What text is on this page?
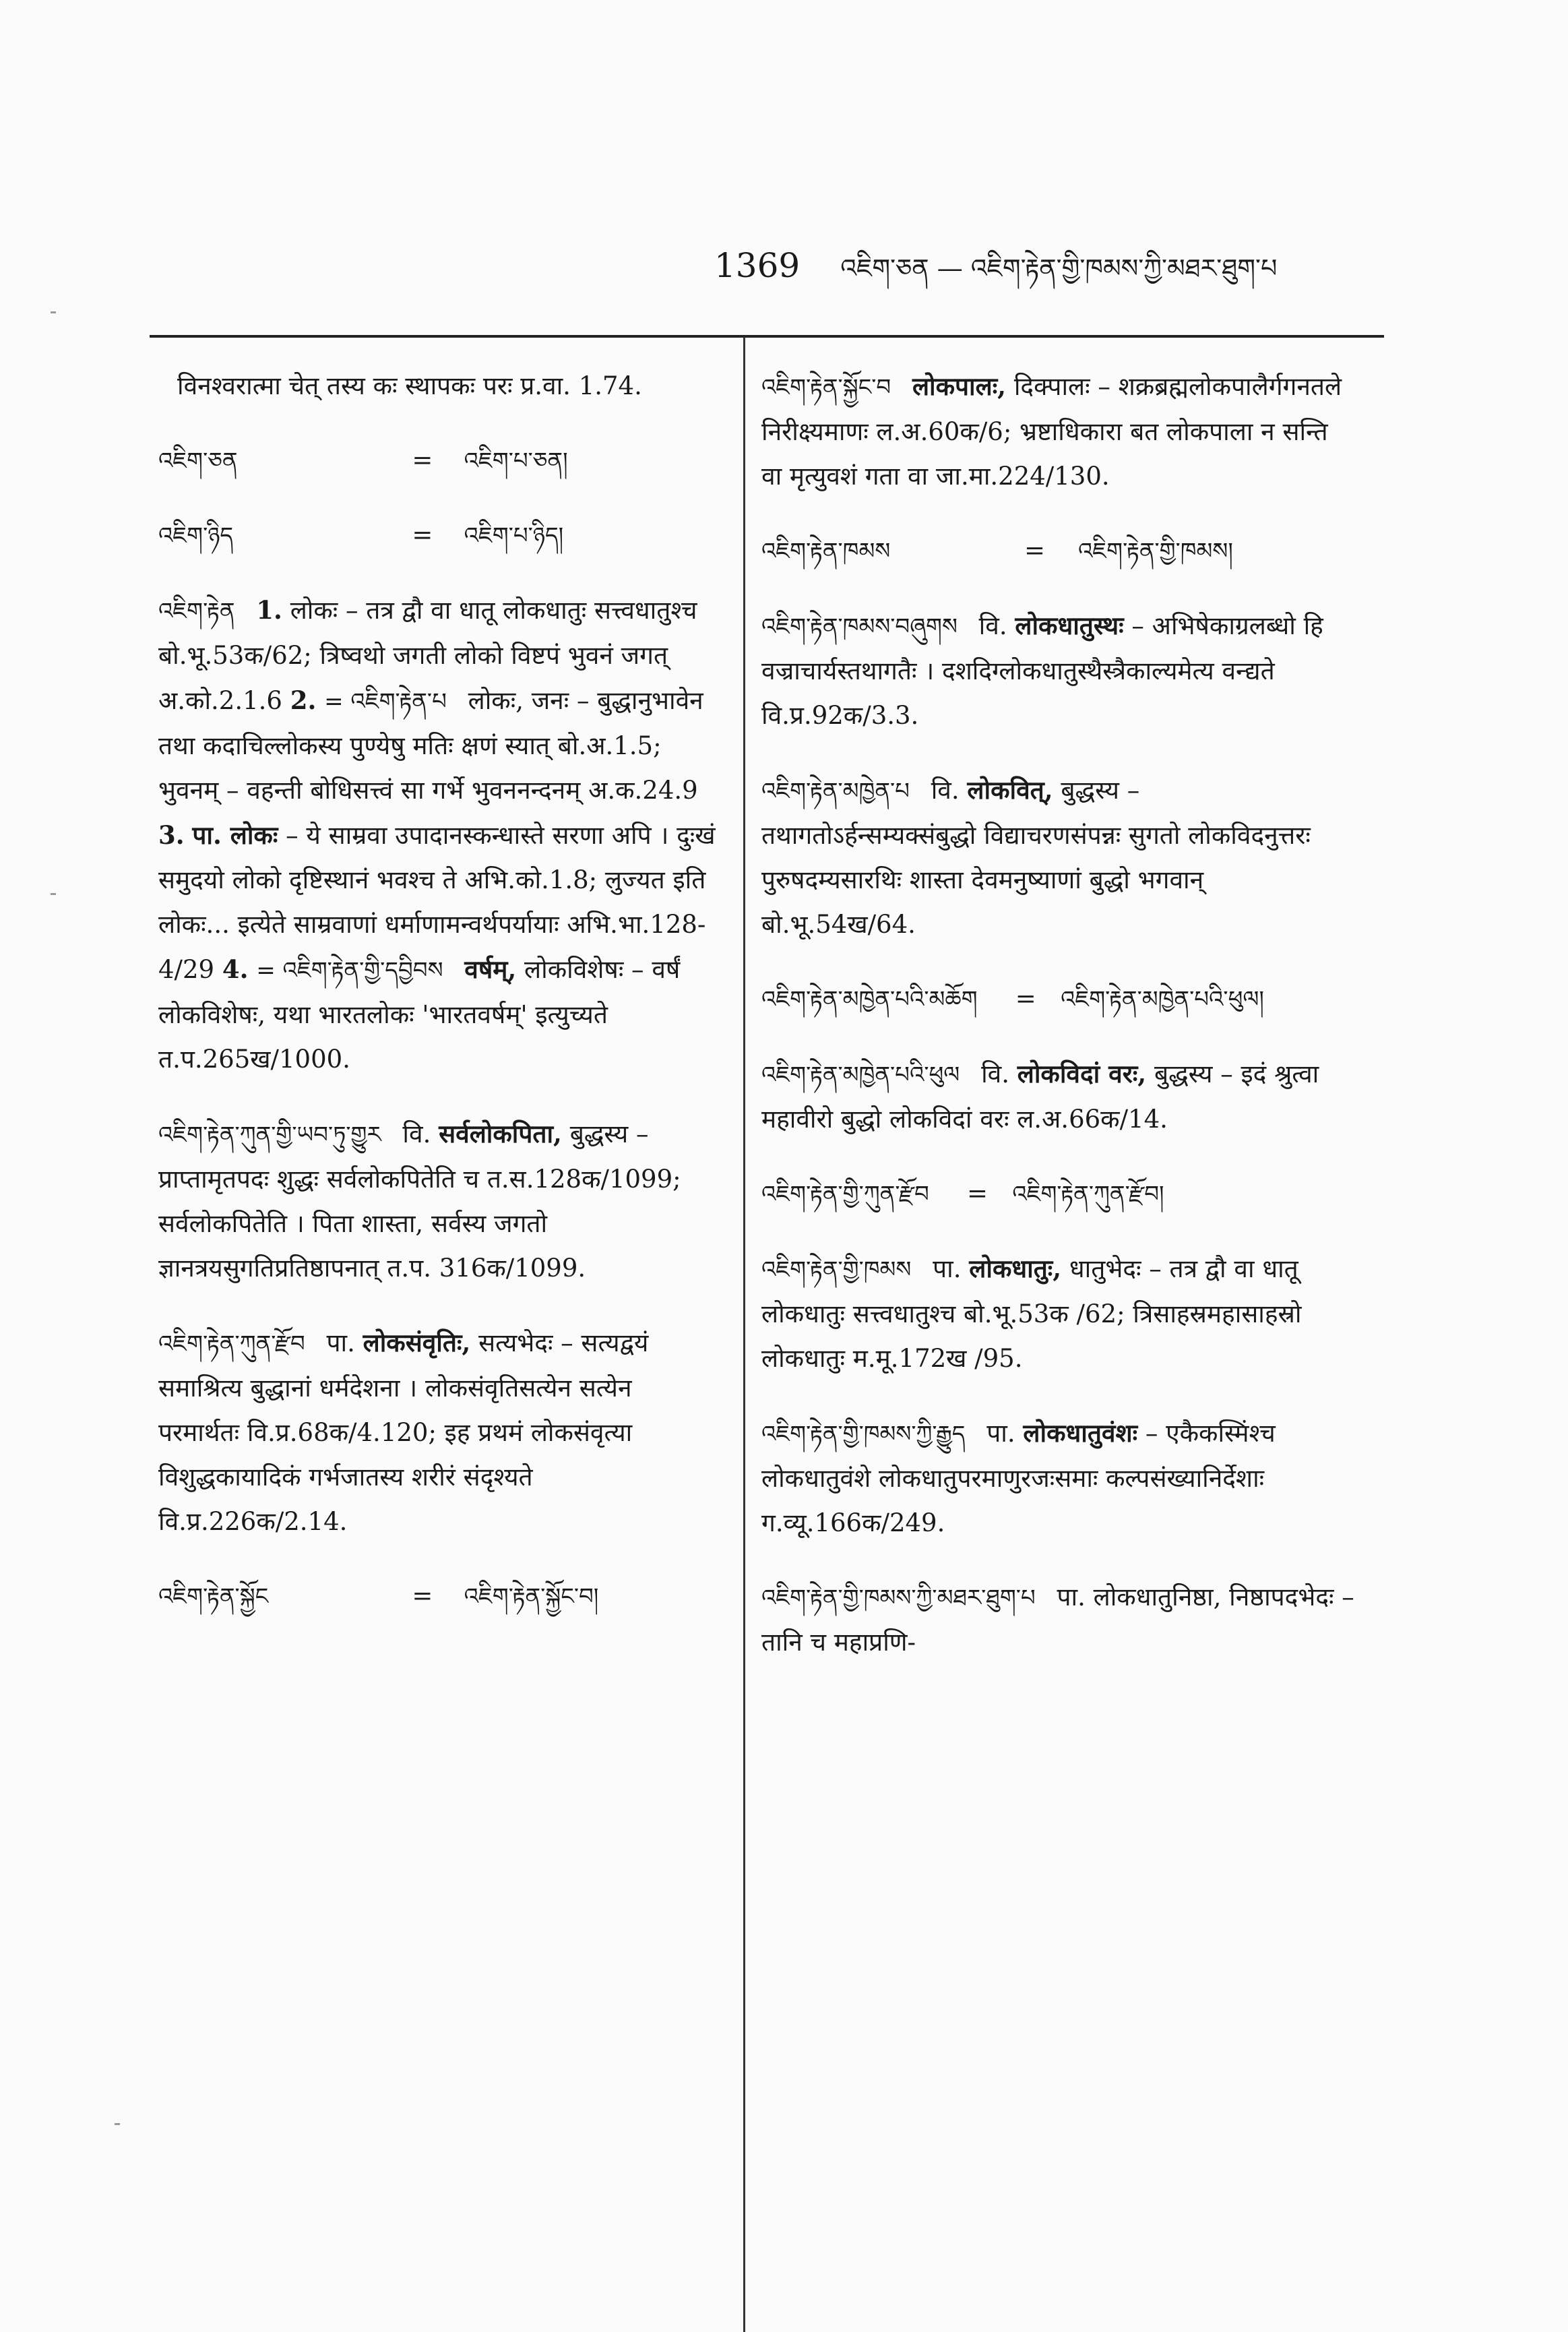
1369 འཇིག་ཅན — འཇིག་རྟེན་གྱི་ཁམས་ཀྱི་མཐར་ཐུག་པ
विनश्वरात्मा चेत् तस्य कः स्थापकः परः प्र.वा. 1.74.
འཇིག་ཅན	=	འཇིག་པ་ཅན།
འཇིག་ཉིད	=	འཇིག་པ་ཉིད།
འཇིག་རྟེན 1. लोकः – तत्र द्वौ वा धातू लोकधातुः सत्त्वधातुश्च बो.भू.53क/62; त्रिष्वथो जगती लोको विष्टपं भुवनं जगत् अ.को.2.1.6 2. = འཇིག་རྟེན་པ लोकः, जनः – बुद्धानुभावेन तथा कदाचिल्लोकस्य पुण्येषु मतिः क्षणं स्यात् बो.अ.1.5; भुवनम् – वहन्ती बोधिसत्त्वं सा गर्भे भुवननन्दनम् अ.क.24.9 3. पा. लोकः – ये साम्रवा उपादानस्कन्धास्ते सरणा अपि । दुःखं समुदयो लोको दृष्टिस्थानं भवश्च ते अभि.को.1.8; लुज्यत इति लोकः... इत्येते साम्रवाणां धर्माणामन्वर्थपर्यायाः अभि.भा.128-4/29 4. = འཇིག་རྟེན་གྱི་དབྱིབས वर्षम्, लोकविशेषः – वर्षं लोकविशेषः, यथा भारतलोकः 'भारतवर्षम्' इत्युच्यते त.प.265ख/1000.
འཇིག་རྟེན་ཀུན་གྱི་ཡབ་ཏུ་གྱུར वि. सर्वलोकपिता, बुद्धस्य – प्राप्तामृतपदः शुद्धः सर्वलोकपितेति च त.स.128क/1099; सर्वलोकपितेति । पिता शास्ता, सर्वस्य जगतो ज्ञानत्रयसुगतिप्रतिष्ठापनात् त.प. 316क/1099.
འཇིག་རྟེན་ཀུན་རྫོབ पा. लोकसंवृतिः, सत्यभेदः – सत्यद्वयं समाश्रित्य बुद्धानां धर्मदेशना । लोकसंवृतिसत्येन सत्येन परमार्थतः वि.प्र.68क/4.120; इह प्रथमं लोकसंवृत्या विशुद्धकायादिकं गर्भजातस्य शरीरं संदृश्यते वि.प्र.226क/2.14.
འཇིག་རྟེན་སྐྱོང	=	འཇིག་རྟེན་སྐྱོང་བ།
འཇིག་རྟེན་སྐྱོང་བ लोकपालः, दिक्पालः – शक्रब्रह्मलोकपालैर्गगनतले निरीक्ष्यमाणः ल.अ.60क/6; भ्रष्टाधिकारा बत लोकपाला न सन्ति वा मृत्युवशं गता वा जा.मा.224/130.
འཇིག་རྟེན་ཁམས	=	འཇིག་རྟེན་གྱི་ཁམས།
འཇིག་རྟེན་ཁམས་བཞུགས वि. लोकधातुस्थः – अभिषेकाग्रलब्धो हि वज्राचार्यस्तथागतैः । दशदिग्लोकधातुस्थैस्त्रैकाल्यमेत्य वन्द्यते वि.प्र.92क/3.3.
འཇིག་རྟེན་མཁྱེན་པ वि. लोकवित्, बुद्धस्य – तथागतोऽर्हन्सम्यक्संबुद्धो विद्याचरणसंपन्नः सुगतो लोकविदनुत्तरः पुरुषदम्यसारथिः शास्ता देवमनुष्याणां बुद्धो भगवान् बो.भू.54ख/64.
འཇིག་རྟེན་མཁྱེན་པའི་མཆོག = འཇིག་རྟེན་མཁྱེན་པའི་ཕུལ།
འཇིག་རྟེན་མཁྱེན་པའི་ཕུལ वि. लोकविदां वरः, बुद्धस्य – इदं श्रुत्वा महावीरो बुद्धो लोकविदां वरः ल.अ.66क/14.
འཇིག་རྟེན་གྱི་ཀུན་རྫོབ = འཇིག་རྟེན་ཀུན་རྫོབ།
འཇིག་རྟེན་གྱི་ཁམས पा. लोकधातुः, धातुभेदः – तत्र द्वौ वा धातू लोकधातुः सत्त्वधातुश्च बो.भू.53क /62; त्रिसाहस्रमहासाहस्रो लोकधातुः म.मू.172ख /95.
འཇིག་རྟེན་གྱི་ཁམས་ཀྱི་རྒྱུད पा. लोकधातुवंशः – एकैकस्मिंश्च लोकधातुवंशे लोकधातुपरमाणुरजःसमाः कल्पसंख्यानिर्देशाः ग.व्यू.166क/249.
འཇིག་རྟེན་གྱི་ཁམས་ཀྱི་མཐར་ཐུག་པ पा. लोकधातुनिष्ठा, निष्ठापदभेदः – तानि च महाप्रणि-
